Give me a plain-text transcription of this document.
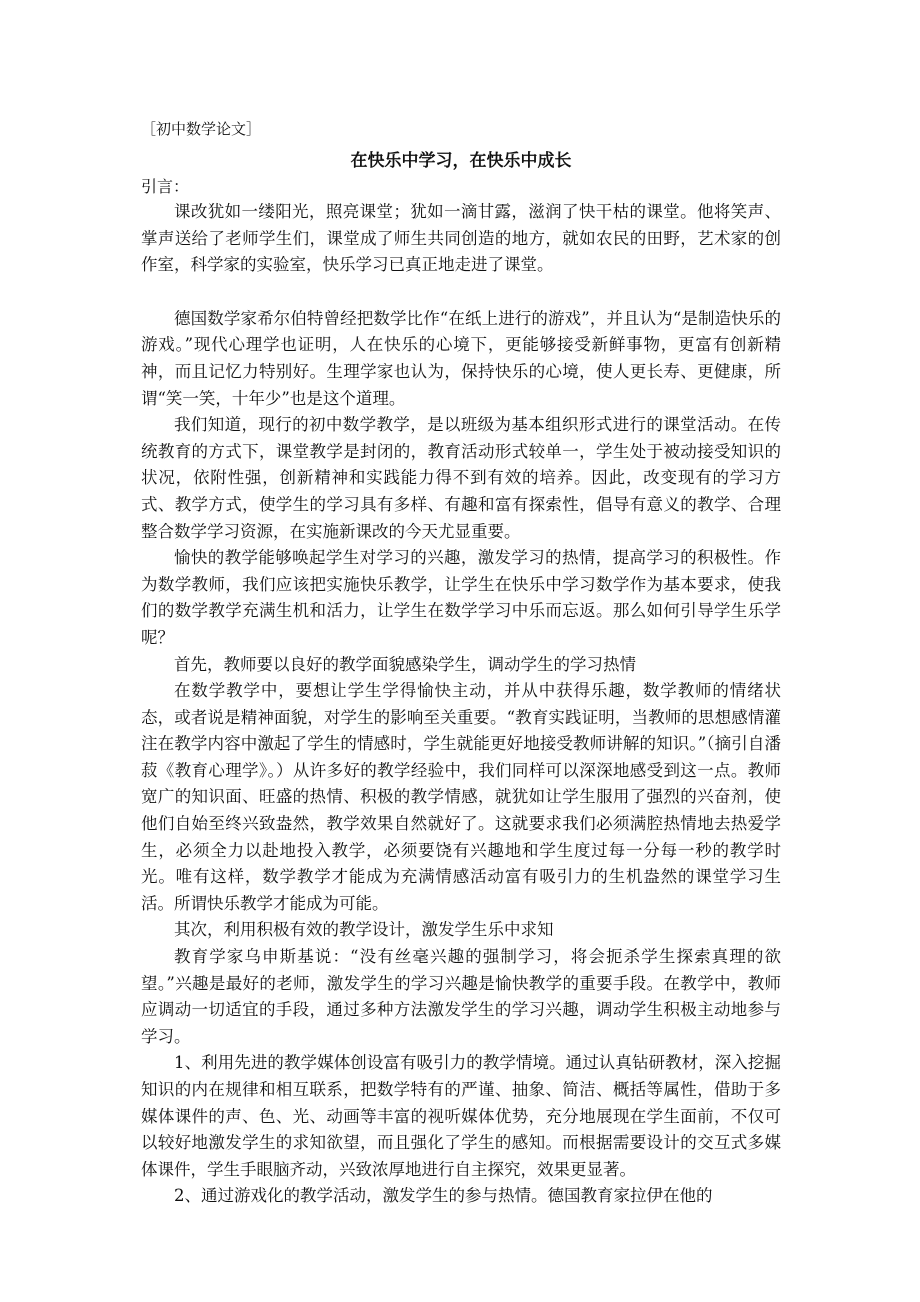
［初中数学论文］

在快乐中学习，在快乐中成长

引言：

课改犹如一缕阳光，照亮课堂；犹如一滴甘露，滋润了快干枯的课堂。他将笑声、掌声送给了老师学生们，课堂成了师生共同创造的地方，就如农民的田野，艺术家的创作室，科学家的实验室，快乐学习已真正地走进了课堂。

德国数学家希尔伯特曾经把数学比作“在纸上进行的游戏”，并且认为“是制造快乐的游戏。”现代心理学也证明，人在快乐的心境下，更能够接受新鲜事物，更富有创新精神，而且记忆力特别好。生理学家也认为，保持快乐的心境，使人更长寿、更健康，所谓“笑一笑，十年少”也是这个道理。

我们知道，现行的初中数学教学，是以班级为基本组织形式进行的课堂活动。在传统教育的方式下，课堂教学是封闭的，教育活动形式较单一，学生处于被动接受知识的状况，依附性强，创新精神和实践能力得不到有效的培养。因此，改变现有的学习方式、教学方式，使学生的学习具有多样、有趣和富有探索性，倡导有意义的教学、合理整合数学学习资源，在实施新课改的今天尤显重要。

愉快的教学能够唤起学生对学习的兴趣，激发学习的热情，提高学习的积极性。作为数学教师，我们应该把实施快乐教学，让学生在快乐中学习数学作为基本要求，使我们的数学教学充满生机和活力，让学生在数学学习中乐而忘返。那么如何引导学生乐学呢？

首先，教师要以良好的教学面貌感染学生，调动学生的学习热情

在数学教学中，要想让学生学得愉快主动，并从中获得乐趣，数学教师的情绪状态，或者说是精神面貌，对学生的影响至关重要。“教育实践证明，当教师的思想感情灌注在教学内容中激起了学生的情感时，学生就能更好地接受教师讲解的知识。”（摘引自潘菽《教育心理学》。）从许多好的教学经验中，我们同样可以深深地感受到这一点。教师宽广的知识面、旺盛的热情、积极的教学情感，就犹如让学生服用了强烈的兴奋剂，使他们自始至终兴致盎然，教学效果自然就好了。这就要求我们必须满腔热情地去热爱学生，必须全力以赴地投入教学，必须要饶有兴趣地和学生度过每一分每一秒的教学时光。唯有这样，数学教学才能成为充满情感活动富有吸引力的生机盎然的课堂学习生活。所谓快乐教学才能成为可能。

其次，利用积极有效的教学设计，激发学生乐中求知

教育学家乌申斯基说：“没有丝毫兴趣的强制学习，将会扼杀学生探索真理的欲望。”兴趣是最好的老师，激发学生的学习兴趣是愉快教学的重要手段。在教学中，教师应调动一切适宜的手段，通过多种方法激发学生的学习兴趣，调动学生积极主动地参与学习。

1、利用先进的教学媒体创设富有吸引力的教学情境。通过认真钻研教材，深入挖掘知识的内在规律和相互联系，把数学特有的严谨、抽象、简洁、概括等属性，借助于多媒体课件的声、色、光、动画等丰富的视听媒体优势，充分地展现在学生面前，不仅可以较好地激发学生的求知欲望，而且强化了学生的感知。而根据需要设计的交互式多媒体课件，学生手眼脑齐动，兴致浓厚地进行自主探究，效果更显著。

2、通过游戏化的教学活动，激发学生的参与热情。德国教育家拉伊在他的
